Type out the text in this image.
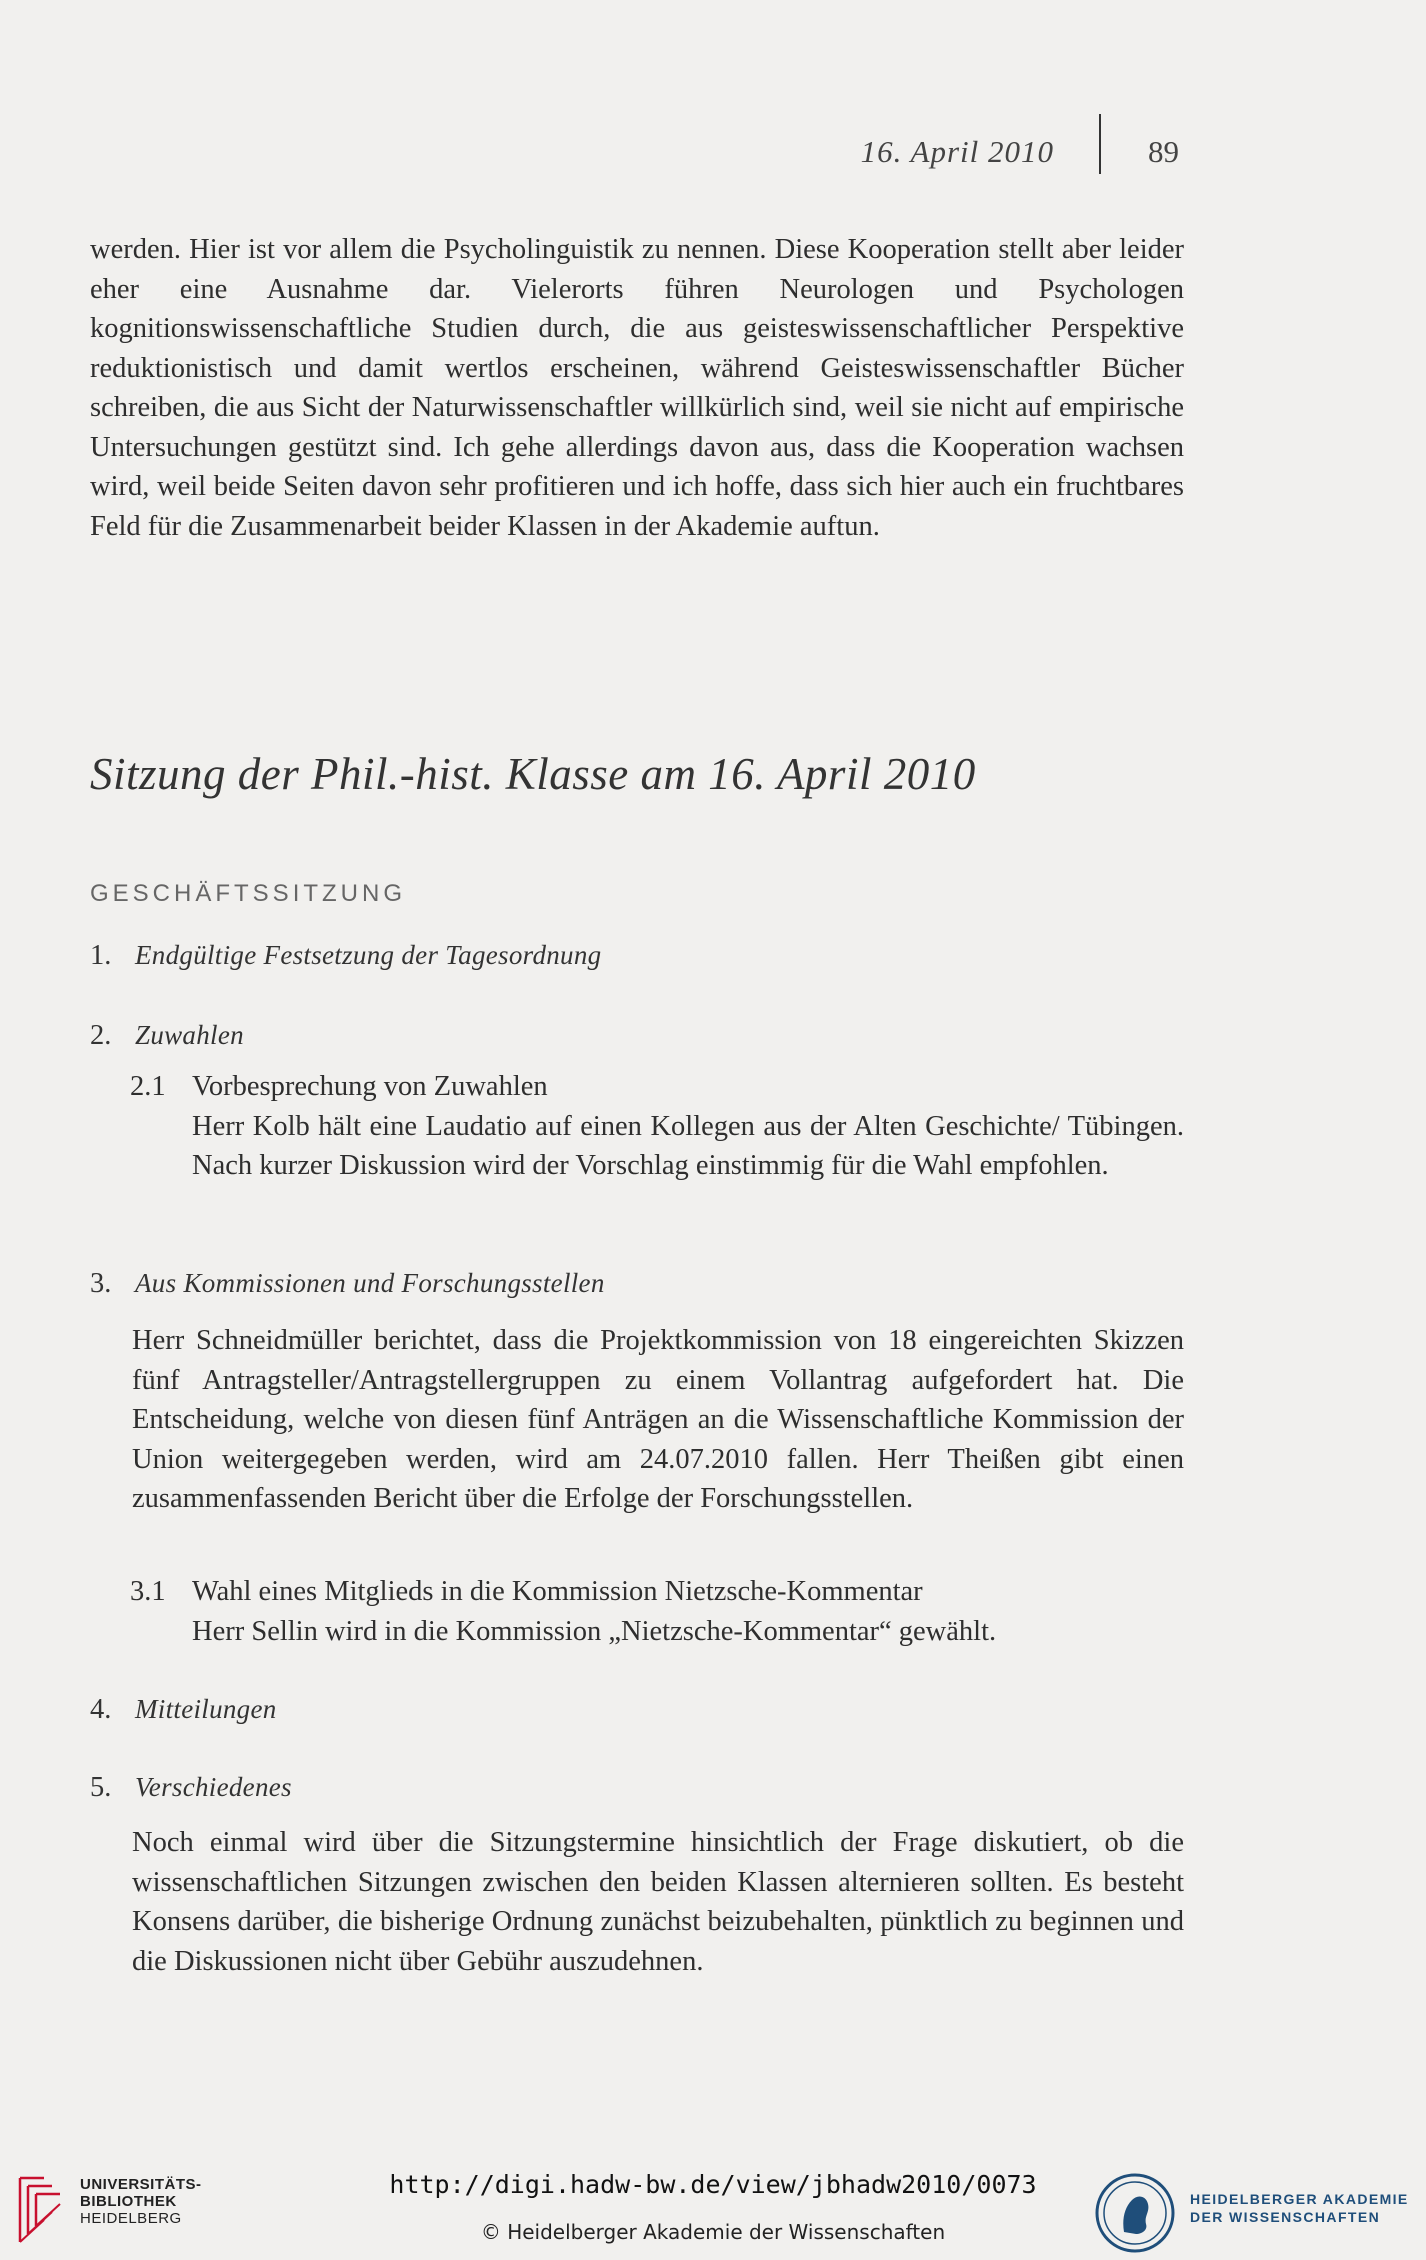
16. April 2010	89

werden. Hier ist vor allem die Psycholinguistik zu nennen. Diese Kooperation stellt aber leider eher eine Ausnahme dar. Vielerorts führen Neurologen und Psychologen kognitionswissenschaftliche Studien durch, die aus geisteswissenschaftlicher Perspektive reduktionistisch und damit wertlos erscheinen, während Geisteswissenschaftler Bücher schreiben, die aus Sicht der Naturwissenschaftler willkürlich sind, weil sie nicht auf empirische Untersuchungen gestützt sind. Ich gehe allerdings davon aus, dass die Kooperation wachsen wird, weil beide Seiten davon sehr profitieren und ich hoffe, dass sich hier auch ein fruchtbares Feld für die Zusammenarbeit beider Klassen in der Akademie auftun.

Sitzung der Phil.-hist. Klasse am 16. April 2010
GESCHÄFTSSITZUNG
1. Endgültige Festsetzung der Tagesordnung
2. Zuwahlen
2.1 Vorbesprechung von Zuwahlen
Herr Kolb hält eine Laudatio auf einen Kollegen aus der Alten Geschichte/ Tübingen. Nach kurzer Diskussion wird der Vorschlag einstimmig für die Wahl empfohlen.
3. Aus Kommissionen und Forschungsstellen

Herr Schneidmüller berichtet, dass die Projektkommission von 18 eingereichten Skizzen fünf Antragsteller/Antragstellergruppen zu einem Vollantrag aufgefordert hat. Die Entscheidung, welche von diesen fünf Anträgen an die Wissenschaftliche Kommission der Union weitergegeben werden, wird am 24.07.2010 fallen. Herr Theißen gibt einen zusammenfassenden Bericht über die Erfolge der Forschungsstellen.

3.1 Wahl eines Mitglieds in die Kommission Nietzsche-Kommentar
Herr Sellin wird in die Kommission „Nietzsche-Kommentar“ gewählt.
4. Mitteilungen
5. Verschiedenes

Noch einmal wird über die Sitzungstermine hinsichtlich der Frage diskutiert, ob die wissenschaftlichen Sitzungen zwischen den beiden Klassen alternieren sollten. Es besteht Konsens darüber, die bisherige Ordnung zunächst beizubehalten, pünktlich zu beginnen und die Diskussionen nicht über Gebühr auszudehnen.

UNIVERSITÄTS-
BIBLIOTHEK
HEIDELBERG
http://digi.hadw-bw.de/view/jbhadw2010/0073
© Heidelberger Akademie der Wissenschaften
HEIDELBERGER AKADEMIE
DER WISSENSCHAFTEN
